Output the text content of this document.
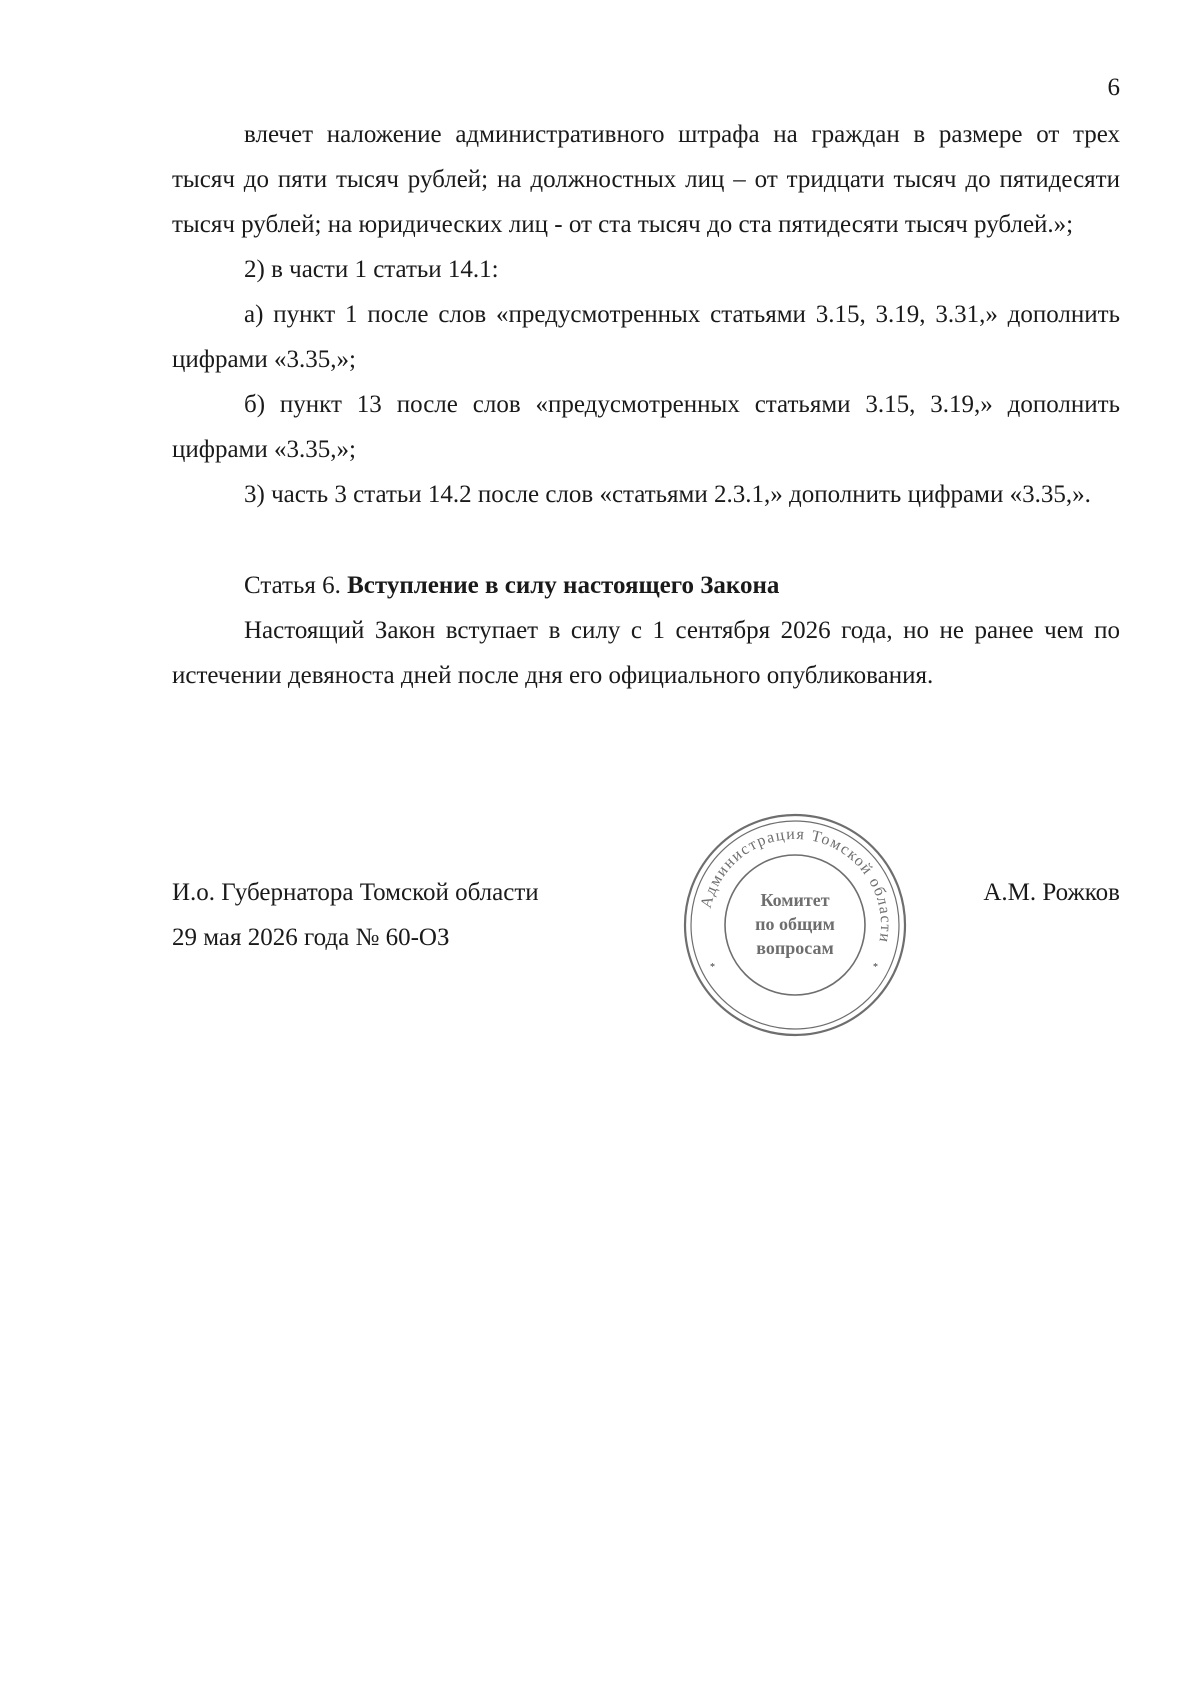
6

влечет наложение административного штрафа на граждан в размере от трех тысяч до пяти тысяч рублей; на должностных лиц – от тридцати тысяч до пятидесяти тысяч рублей; на юридических лиц - от ста тысяч до ста пятидесяти тысяч рублей.»;

2) в части 1 статьи 14.1:

а) пункт 1 после слов «предусмотренных статьями 3.15, 3.19, 3.31,» дополнить цифрами «3.35,»;

б) пункт 13 после слов «предусмотренных статьями 3.15, 3.19,» дополнить цифрами «3.35,»;

3) часть 3 статьи 14.2 после слов «статьями 2.3.1,» дополнить цифрами «3.35,».

Статья 6. Вступление в силу настоящего Закона

Настоящий Закон вступает в силу с 1 сентября 2026 года, но не ранее чем по истечении девяноста дней после дня его официального опубликования.

И.о. Губернатора Томской области
29 мая 2026 года № 60-ОЗ
А.М. Рожков
Администрация Томской области
Комитет
по общим
вопросам
*	*
